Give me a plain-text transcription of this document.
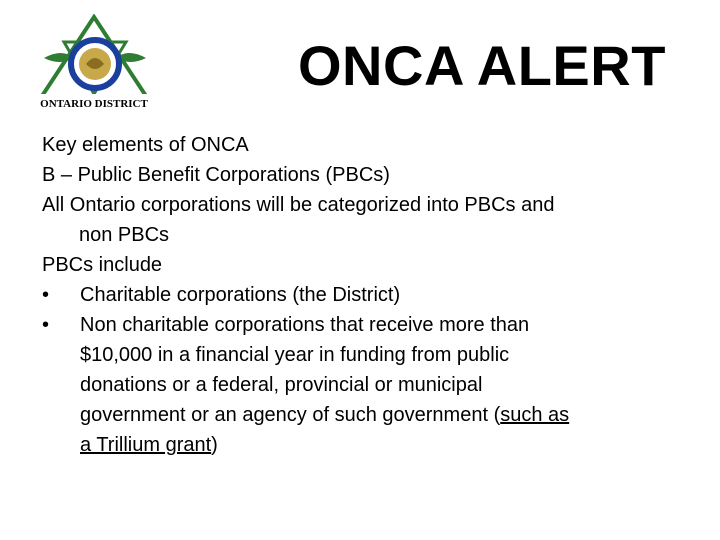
ONTARIO DISTRICT
ONCA ALERT
Key elements of ONCA
B – Public Benefit Corporations (PBCs)
All Ontario corporations will be categorized into PBCs and
non PBCs
PBCs include
•	Charitable corporations (the District)
•	Non charitable corporations that receive more than
$10,000 in a financial year in funding from public
donations or a federal, provincial or municipal
government or an agency of such government (such as
a Trillium grant)
